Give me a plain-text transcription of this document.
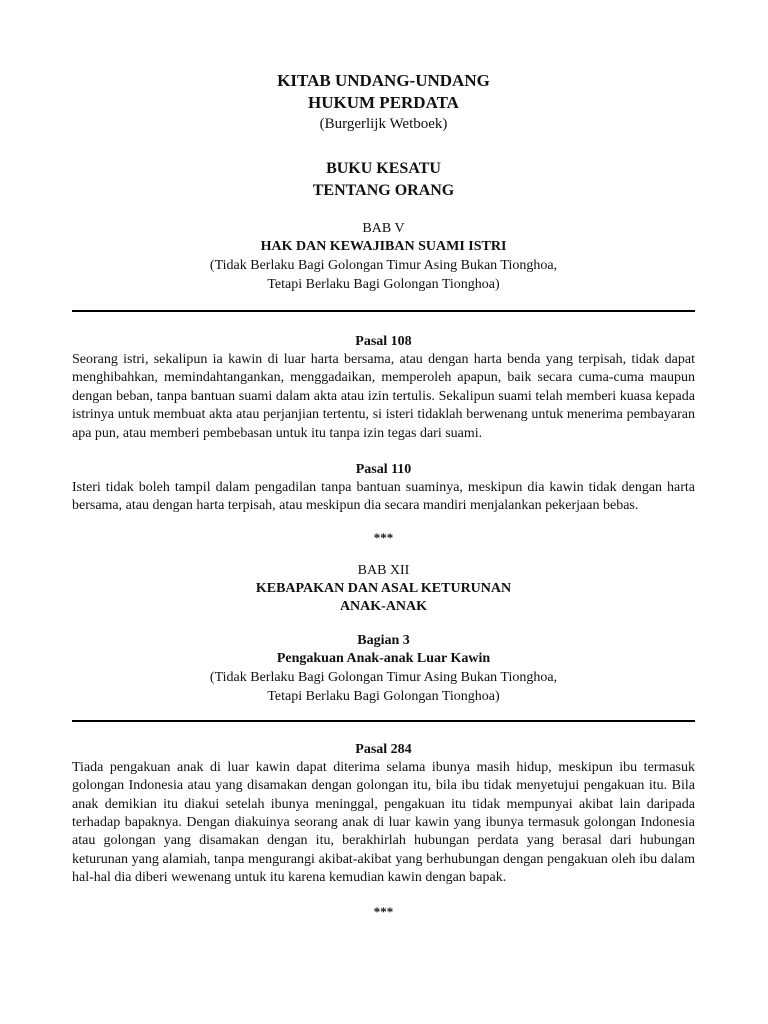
KITAB UNDANG-UNDANG

HUKUM PERDATA

(Burgerlijk Wetboek)

BUKU KESATU

TENTANG ORANG

BAB V

HAK DAN KEWAJIBAN SUAMI ISTRI

(Tidak Berlaku Bagi Golongan Timur Asing Bukan Tionghoa,

Tetapi Berlaku Bagi Golongan Tionghoa)

Pasal 108

Seorang istri, sekalipun ia kawin di luar harta bersama, atau dengan harta benda yang terpisah, tidak dapat menghibahkan, memindahtangankan, menggadaikan, memperoleh apapun, baik secara cuma-cuma maupun dengan beban, tanpa bantuan suami dalam akta atau izin tertulis. Sekalipun suami telah memberi kuasa kepada istrinya untuk membuat akta atau perjanjian tertentu, si isteri tidaklah berwenang untuk menerima pembayaran apa pun, atau memberi pembebasan untuk itu tanpa izin tegas dari suami.

Pasal 110

Isteri tidak boleh tampil dalam pengadilan tanpa bantuan suaminya, meskipun dia kawin tidak dengan harta bersama, atau dengan harta terpisah, atau meskipun dia secara mandiri menjalankan pekerjaan bebas.

***

BAB XII

KEBAPAKAN DAN ASAL KETURUNAN

ANAK-ANAK

Bagian 3

Pengakuan Anak-anak Luar Kawin

(Tidak Berlaku Bagi Golongan Timur Asing Bukan Tionghoa,

Tetapi Berlaku Bagi Golongan Tionghoa)

Pasal 284

Tiada pengakuan anak di luar kawin dapat diterima selama ibunya masih hidup, meskipun ibu termasuk golongan Indonesia atau yang disamakan dengan golongan itu, bila ibu tidak menyetujui pengakuan itu. Bila anak demikian itu diakui setelah ibunya meninggal, pengakuan itu tidak mempunyai akibat lain daripada terhadap bapaknya. Dengan diakuinya seorang anak di luar kawin yang ibunya termasuk golongan Indonesia atau golongan yang disamakan dengan itu, berakhirlah hubungan perdata yang berasal dari hubungan keturunan yang alamiah, tanpa mengurangi akibat-akibat yang berhubungan dengan pengakuan oleh ibu dalam hal-hal dia diberi wewenang untuk itu karena kemudian kawin dengan bapak.

***
